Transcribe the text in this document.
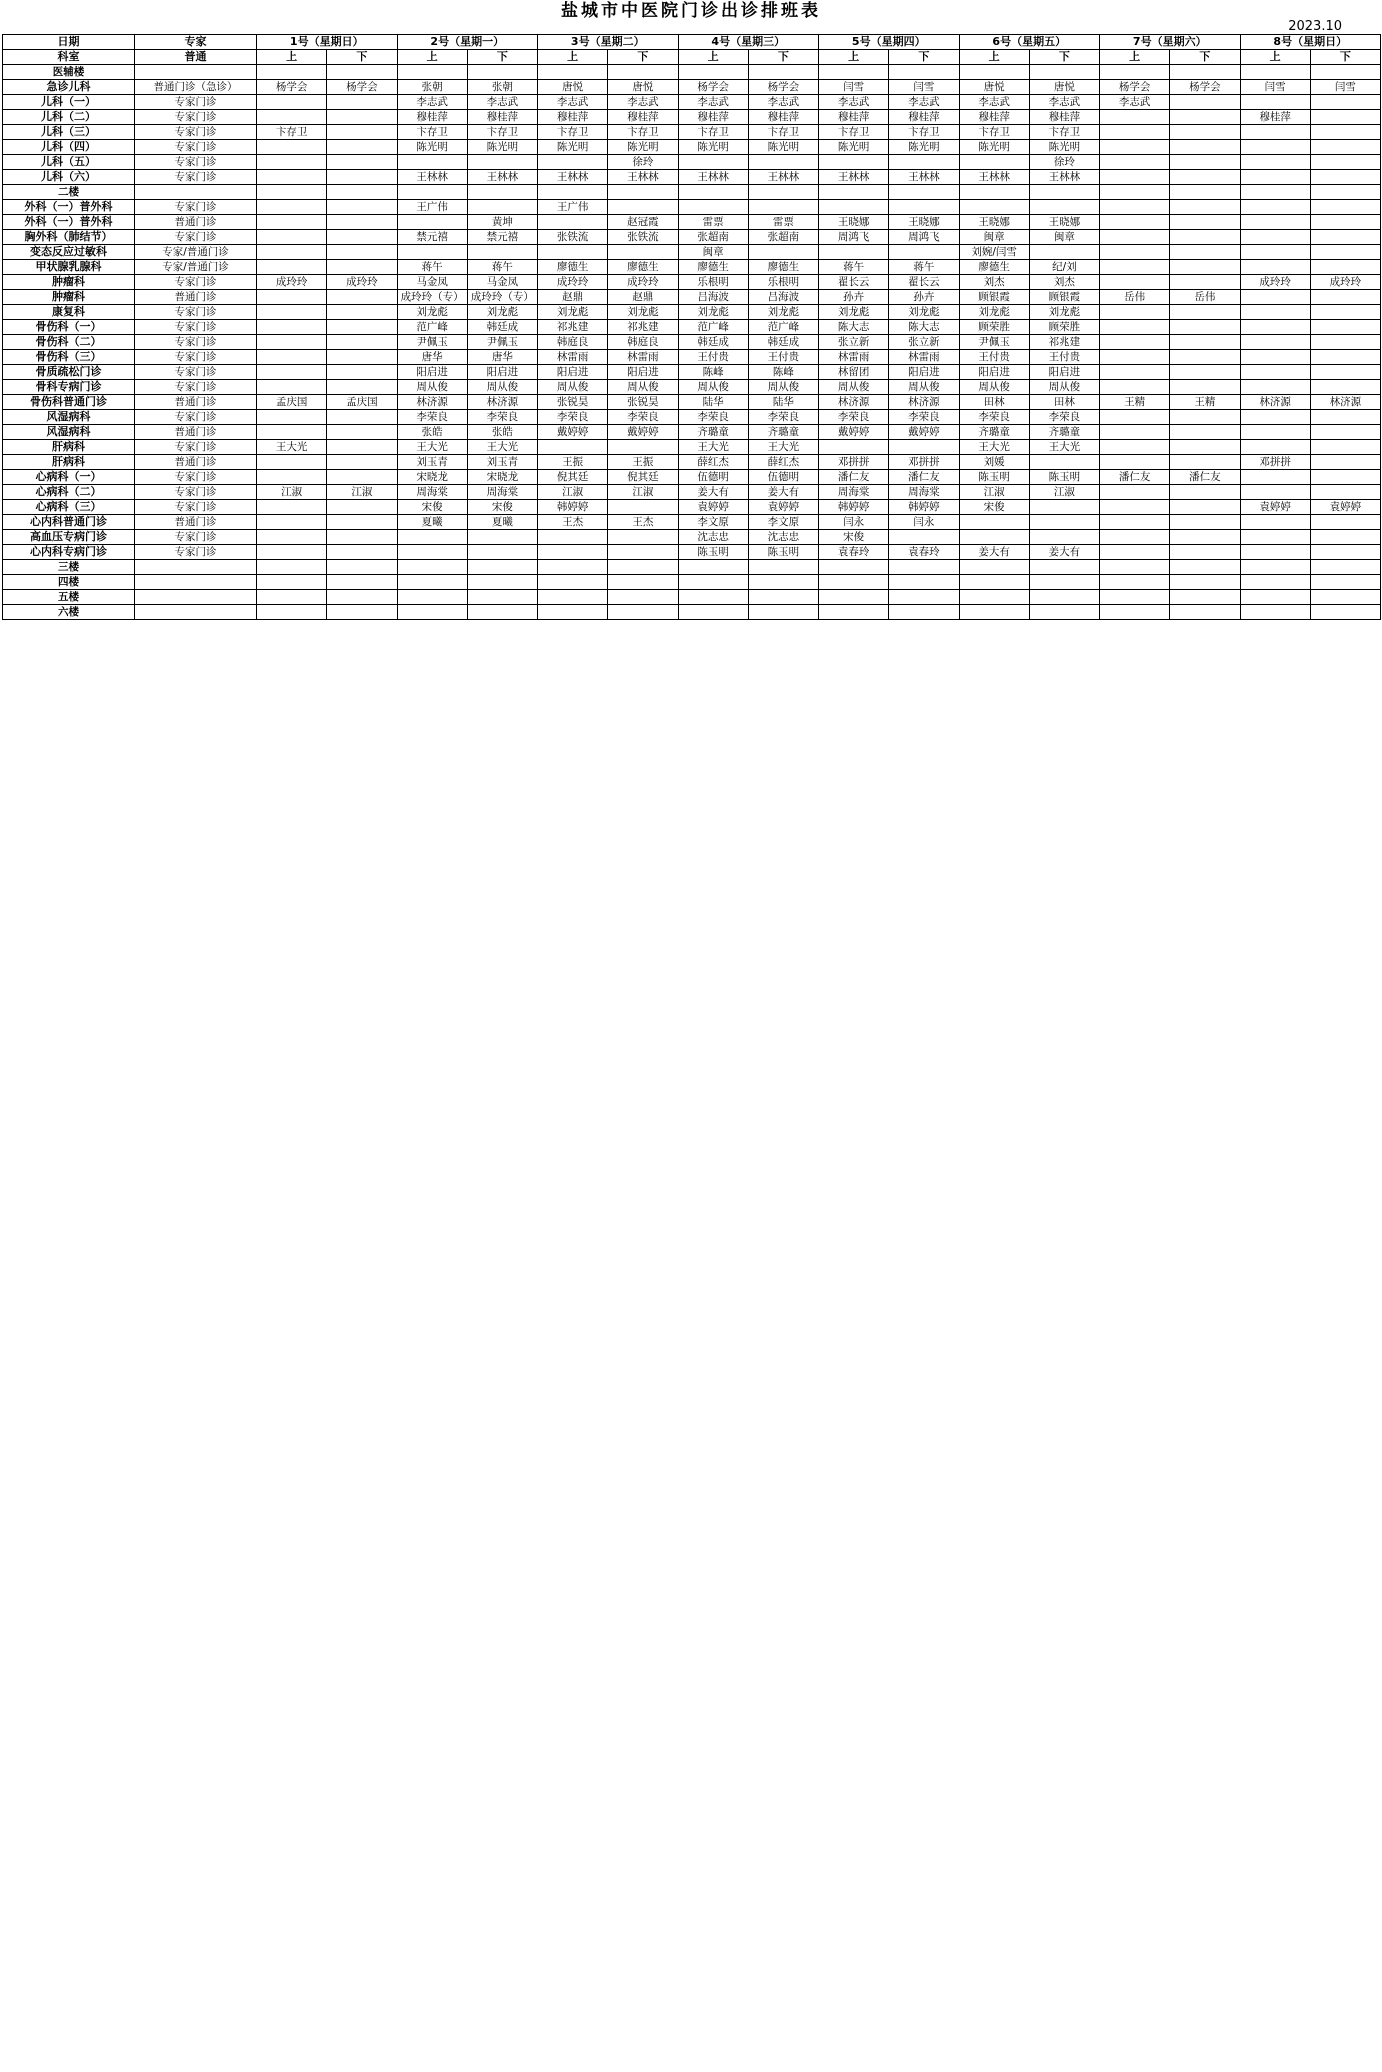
盐城市中医院门诊出诊排班表
2023.10
日期	专家	1号（星期日）		2号（星期一）		3号（星期二）		4号（星期三）		5号（星期四）		6号（星期五）		7号（星期六）		8号（星期日）	
科室	普通	上	下	上	下	上	下	上	下	上	下	上	下	上	下	上	下
医辅楼																	
急诊儿科	普通门诊（急诊）	杨学会	杨学会	张朝	张朝	唐悦	唐悦	杨学会	杨学会	闫雪	闫雪	唐悦	唐悦	杨学会	杨学会	闫雪	闫雪
儿科（一）	专家门诊			李志武	李志武	李志武	李志武	李志武	李志武	李志武	李志武	李志武	李志武	李志武			
儿科（二）	专家门诊			穆桂萍	穆桂萍	穆桂萍	穆桂萍	穆桂萍	穆桂萍	穆桂萍	穆桂萍	穆桂萍	穆桂萍			穆桂萍	
儿科（三）	专家门诊	卞存卫		卞存卫	卞存卫	卞存卫	卞存卫	卞存卫	卞存卫	卞存卫	卞存卫	卞存卫	卞存卫				
儿科（四）	专家门诊			陈光明	陈光明	陈光明	陈光明	陈光明	陈光明	陈光明	陈光明	陈光明	陈光明				
儿科（五）	专家门诊						徐玲						徐玲				
儿科（六）	专家门诊			王林林	王林林	王林林	王林林	王林林	王林林	王林林	王林林	王林林	王林林				
二楼																	
外科（一）普外科	专家门诊			王广伟		王广伟											
外科（一）普外科	普通门诊				黄坤		赵冠霞	雷票	雷票	王晓娜	王晓娜	王晓娜	王晓娜				
胸外科（肺结节）	专家门诊			禁元禧	禁元禧	张铁流	张铁流	张超南	张超南	周鸿飞	周鸿飞	闽章	闽章				
变态反应过敏科	专家/普通门诊							闽章				刘婉/闫雪					
甲状腺乳腺科	专家/普通门诊			蒋午	蒋午	廖德生	廖德生	廖德生	廖德生	蒋午	蒋午	廖德生	纪/刘				
肿瘤科	专家门诊	成玲玲	成玲玲	马金凤	马金凤	成玲玲	成玲玲	乐根明	乐根明	翟长云	翟长云	刘杰	刘杰			成玲玲	成玲玲
肿瘤科	普通门诊			成玲玲（专）	成玲玲（专）	赵鼎	赵鼎	吕海波	吕海波	孙卉	孙卉	顾银霞	顾银霞	岳伟	岳伟		
康复科	专家门诊			刘龙彪	刘龙彪	刘龙彪	刘龙彪	刘龙彪	刘龙彪	刘龙彪	刘龙彪	刘龙彪	刘龙彪				
骨伤科（一）	专家门诊			范广峰	韩廷成	祁兆建	祁兆建	范广峰	范广峰	陈大志	陈大志	顾荣胜	顾荣胜				
骨伤科（二）	专家门诊			尹佩玉	尹佩玉	韩庭良	韩庭良	韩廷成	韩廷成	张立新	张立新	尹佩玉	祁兆建				
骨伤科（三）	专家门诊			唐华	唐华	林雷雨	林雷雨	王付贵	王付贵	林雷雨	林雷雨	王付贵	王付贵				
骨质疏松门诊	专家门诊			阳启进	阳启进	阳启进	阳启进	陈峰	陈峰	林留团	阳启进	阳启进	阳启进				
骨科专病门诊	专家门诊			周从俊	周从俊	周从俊	周从俊	周从俊	周从俊	周从俊	周从俊	周从俊	周从俊				
骨伤科普通门诊	普通门诊	孟庆国	孟庆国	林济源	林济源	张锐昊	张锐昊	陆华	陆华	林济源	林济源	田林	田林	王精	王精	林济源	林济源
风湿病科	专家门诊			李荣良	李荣良	李荣良	李荣良	李荣良	李荣良	李荣良	李荣良	李荣良	李荣良				
风湿病科	普通门诊			张皓	张皓	戴婷婷	戴婷婷	齐璐童	齐璐童	戴婷婷	戴婷婷	齐璐童	齐璐童				
肝病科	专家门诊	王大光		王大光	王大光			王大光	王大光			王大光	王大光				
肝病科	普通门诊			刘玉青	刘玉青	王振	王振	薛红杰	薛红杰	邓拼拼	邓拼拼	刘媛				邓拼拼	
心病科（一）	专家门诊			宋晓龙	宋晓龙	倪其廷	倪其廷	伍德明	伍德明	潘仁友	潘仁友	陈玉明	陈玉明	潘仁友	潘仁友		
心病科（二）	专家门诊	江淑	江淑	周海棠	周海棠	江淑	江淑	姜大有	姜大有	周海棠	周海棠	江淑	江淑				
心病科（三）	专家门诊			宋俊	宋俊	韩婷婷		袁婷婷	袁婷婷	韩婷婷	韩婷婷	宋俊				袁婷婷	袁婷婷
心内科普通门诊	普通门诊			夏曦	夏曦	王杰	王杰	李文原	李文原	闫永	闫永						
高血压专病门诊	专家门诊							沈志忠	沈志忠	宋俊							
心内科专病门诊	专家门诊							陈玉明	陈玉明	袁春玲	袁春玲	姜大有	姜大有				
三楼																	
四楼																	
五楼																	
六楼																	
